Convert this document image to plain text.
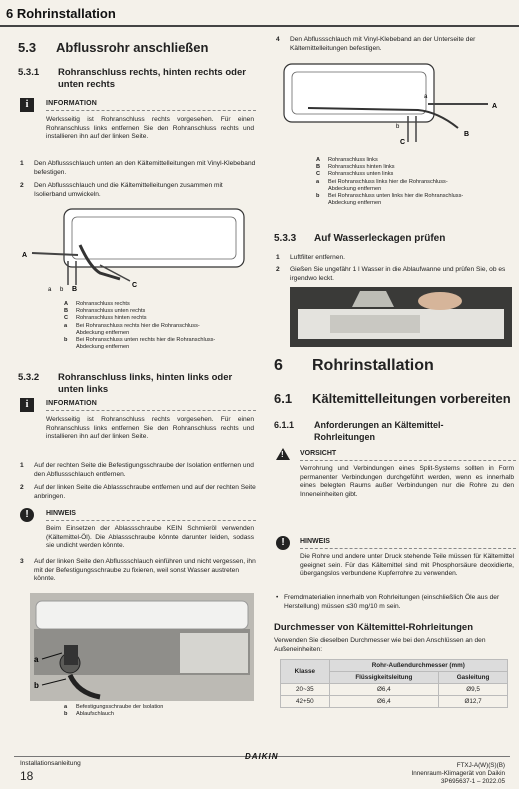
6 Rohrinstallation
5.3 Abflussrohr anschließen
5.3.1 Rohranschluss rechts, hinten rechts oder unten rechts
i	INFORMATION
Werksseitig ist Rohranschluss rechts vorgesehen. Für einen Rohranschluss links entfernen Sie den Rohranschluss rechts und installieren ihn auf der linken Seite.
1 Den Abflussschlauch unten an den Kältemittelleitungen mit Vinyl-Klebeband befestigen.
2 Den Abflussschlauch und die Kältemittelleitungen zusammen mit Isolierband umwickeln.
A
C
a b B
A Rohranschluss rechts
B Rohranschluss unten rechts
C Rohranschluss hinten rechts
a Bei Rohranschluss rechts hier die Rohranschluss-
Abdeckung entfernen
b Bei Rohranschluss unten rechts hier die Rohranschluss-
Abdeckung entfernen
5.3.2 Rohranschluss links, hinten links oder unten links
i	INFORMATION
Werksseitig ist Rohranschluss rechts vorgesehen. Für einen Rohranschluss links entfernen Sie den Rohranschluss rechts und installieren ihn auf der linken Seite.
1 Auf der rechten Seite die Befestigungsschraube der Isolation entfernen und den Abflussschlauch entfernen.
2 Auf der linken Seite die Ablassschraube entfernen und auf der rechten Seite anbringen.
!	HINWEIS
Beim Einsetzen der Ablassschraube KEIN Schmieröl verwenden (Kältemittel-Öl). Die Ablassschraube könnte darunter leiden, sodass sie undicht werden könnte.
3 Auf der linken Seite den Abflussschlauch einführen und nicht vergessen, ihn mit der Befestigungsschraube zu fixieren, weil sonst Wasser austreten könnte.
a
b
a Befestigungsschraube der Isolation
b Ablaufschlauch
4 Den Abflussschlauch mit Vinyl-Klebeband an der Unterseite der Kältemittelleitungen befestigen.
a
A
b
C
B
A Rohranschluss links
B Rohranschluss hinten links
C Rohranschluss unten links
a Bei Rohranschluss links hier die Rohranschluss-
Abdeckung entfernen
b Bei Rohranschluss unten links hier die Rohranschluss-
Abdeckung entfernen
5.3.3 Auf Wasserleckagen prüfen
1 Luftfilter entfernen.
2 Gießen Sie ungefähr 1 l Wasser in die Ablaufwanne und prüfen Sie, ob es irgendwo leckt.
6 Rohrinstallation
6.1 Kältemittelleitungen vorbereiten
6.1.1 Anforderungen an Kältemittel-Rohrleitungen
! VORSICHT
Verrohrung und Verbindungen eines Split-Systems sollten in Form permanenter Verbindungen durchgeführt werden, wenn es innerhalb eines belegten Raums außer Verbindungen nur die Rohre zu den Inneneinheiten gibt.
!	HINWEIS
Die Rohre und andere unter Druck stehende Teile müssen für Kältemittel geeignet sein. Für das Kältemittel sind mit Phosphorsäure deoxidierte, übergangslos verbundene Kupferrohre zu verwenden.
• Fremdmaterialien innerhalb von Rohrleitungen (einschließlich Öle aus der Herstellung) müssen ≤30 mg/10 m sein.
Durchmesser von Kältemittel-Rohrleitungen
Verwenden Sie dieselben Durchmesser wie bei den Anschlüssen an den Außeneinheiten:
Klasse	Rohr-Außendurchmesser (mm)	
	Flüssigkeitsleitung	Gasleitung
20~35	Ø6,4	Ø9,5
42+50	Ø6,4	Ø12,7
Installationsanleitung
18
DAIKIN
FTXJ-A(W)(S)(B)
Innenraum-Klimagerät von Daikin
3P695637-1 – 2022.05
